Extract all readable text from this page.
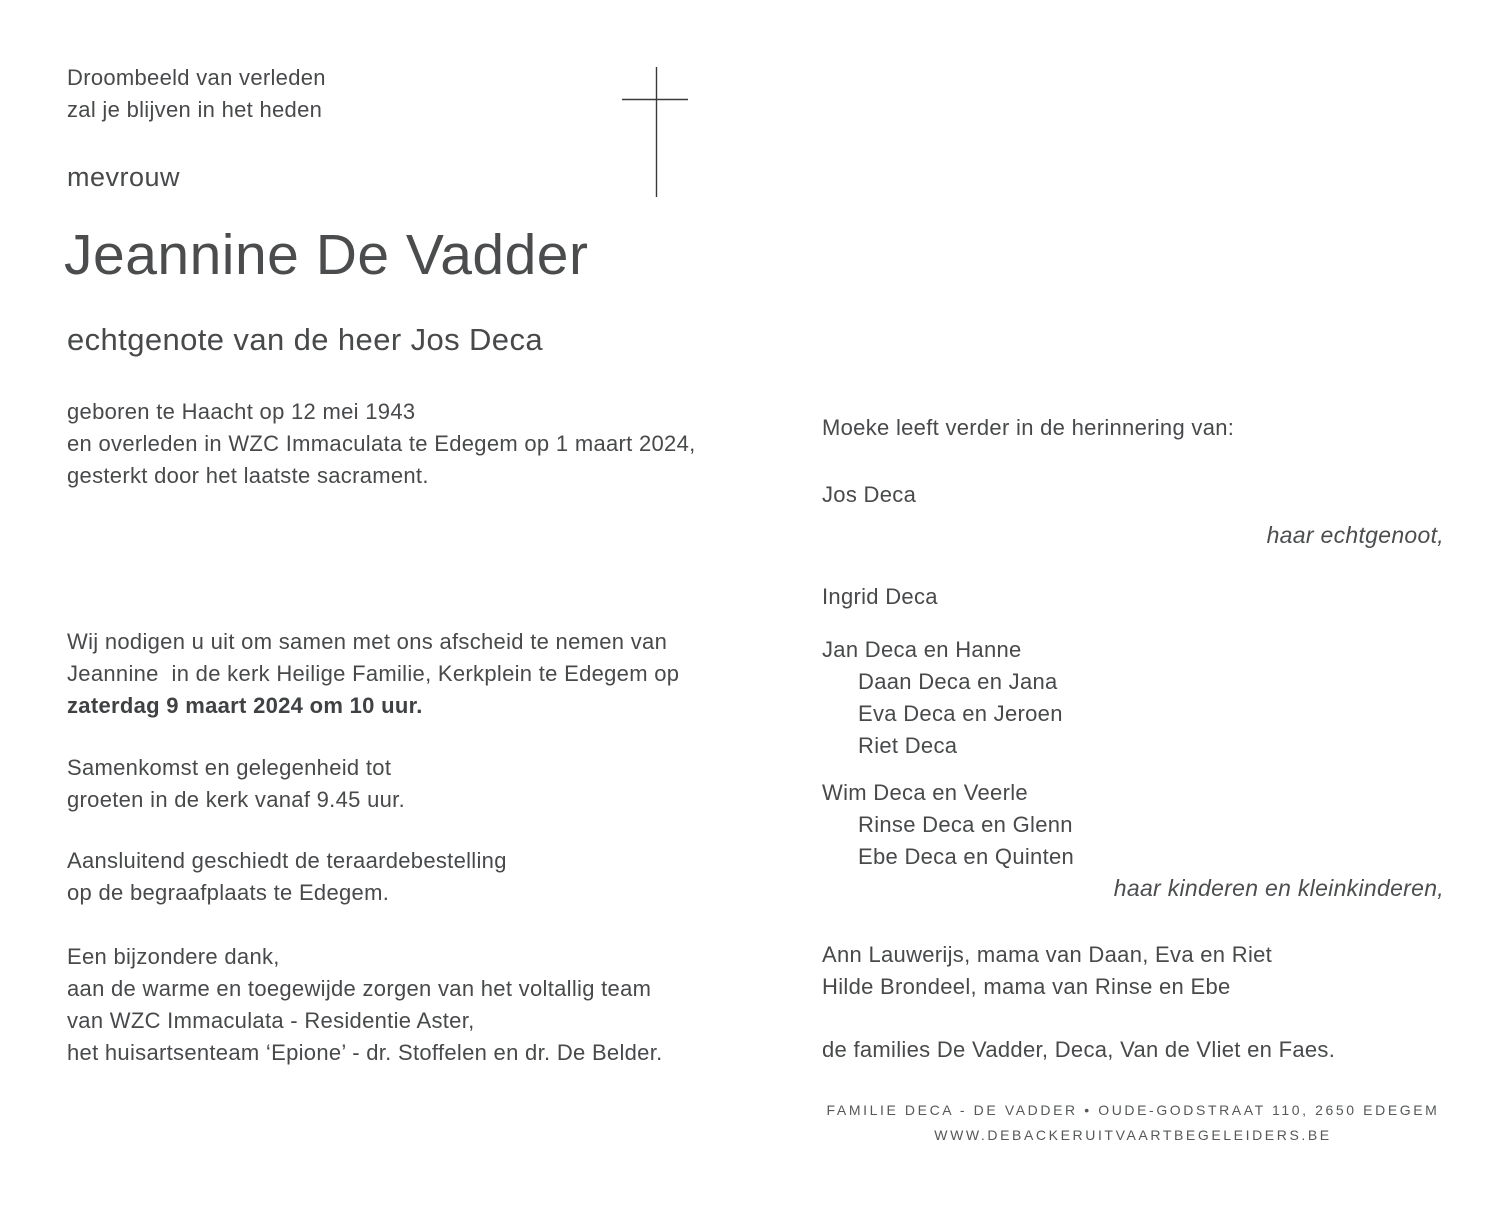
Droombeeld van verleden
zal je blijven in het heden
mevrouw
Jeannine De Vadder
echtgenote van de heer Jos Deca
geboren te Haacht op 12 mei 1943
en overleden in WZC Immaculata te Edegem op 1 maart 2024,
gesterkt door het laatste sacrament.
Wij nodigen u uit om samen met ons afscheid te nemen van
Jeannine  in de kerk Heilige Familie, Kerkplein te Edegem op
zaterdag 9 maart 2024 om 10 uur.
Samenkomst en gelegenheid tot
groeten in de kerk vanaf 9.45 uur.
Aansluitend geschiedt de teraardebestelling
op de begraafplaats te Edegem.
Een bijzondere dank,
aan de warme en toegewijde zorgen van het voltallig team
van WZC Immaculata - Residentie Aster,
het huisartsenteam ‘Epione’ - dr. Stoffelen en dr. De Belder.
Moeke leeft verder in de herinnering van:
Jos Deca
haar echtgenoot,
Ingrid Deca
Jan Deca en Hanne
Daan Deca en Jana
Eva Deca en Jeroen
Riet Deca
Wim Deca en Veerle
Rinse Deca en Glenn
Ebe Deca en Quinten
haar kinderen en kleinkinderen,
Ann Lauwerijs, mama van Daan, Eva en Riet
Hilde Brondeel, mama van Rinse en Ebe
de families De Vadder, Deca, Van de Vliet en Faes.
FAMILIE DECA - DE VADDER • OUDE-GODSTRAAT 110, 2650 EDEGEM
WWW.DEBACKERUITVAARTBEGELEIDERS.BE
